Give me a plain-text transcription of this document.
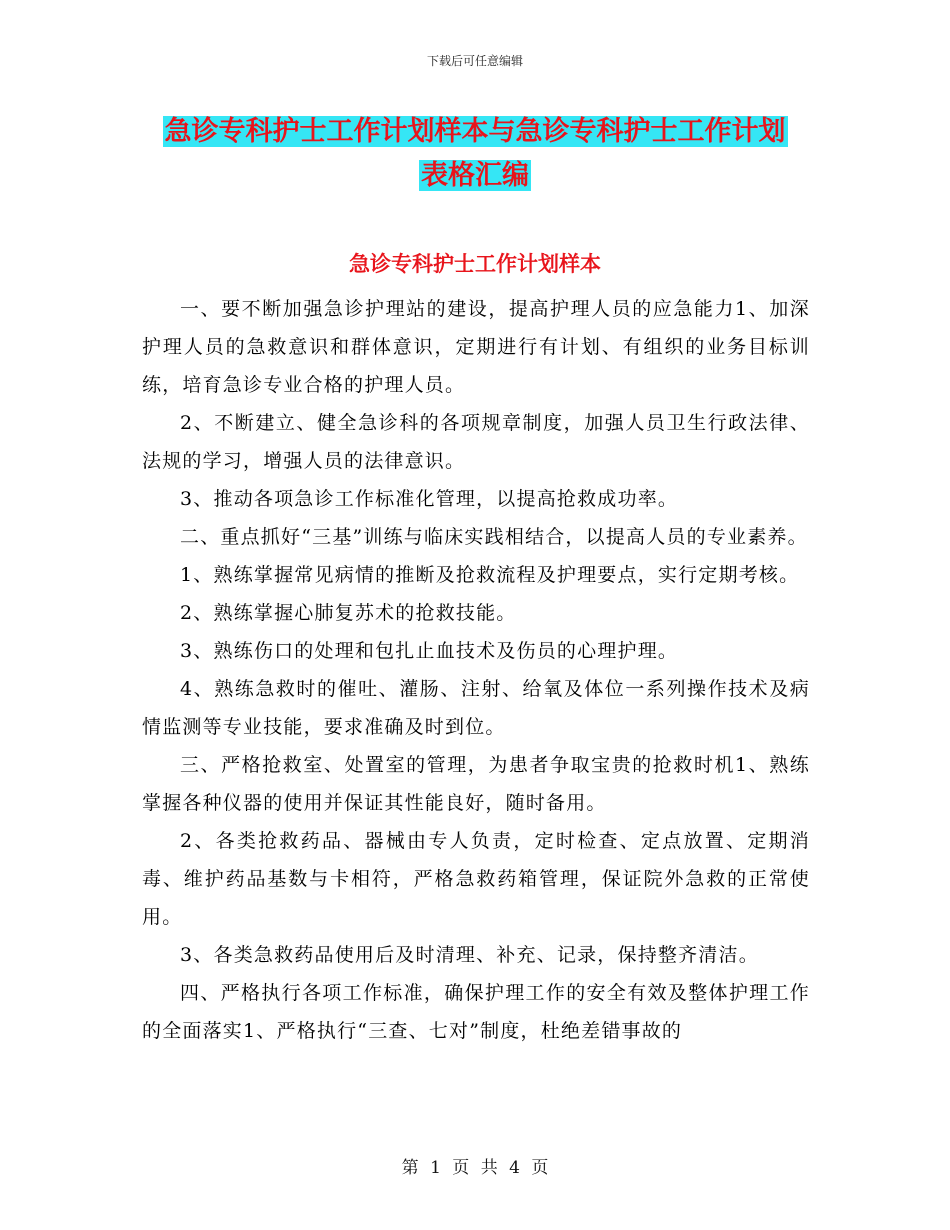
下载后可任意编辑
急诊专科护士工作计划样本与急诊专科护士工作计划
表格汇编
急诊专科护士工作计划样本

一、要不断加强急诊护理站的建设，提高护理人员的应急能力1、加深护理人员的急救意识和群体意识，定期进行有计划、有组织的业务目标训练，培育急诊专业合格的护理人员。

2、不断建立、健全急诊科的各项规章制度，加强人员卫生行政法律、法规的学习，增强人员的法律意识。

3、推动各项急诊工作标准化管理，以提高抢救成功率。

二、重点抓好“三基”训练与临床实践相结合，以提高人员的专业素养。

1、熟练掌握常见病情的推断及抢救流程及护理要点，实行定期考核。

2、熟练掌握心肺复苏术的抢救技能。

3、熟练伤口的处理和包扎止血技术及伤员的心理护理。

4、熟练急救时的催吐、灌肠、注射、给氧及体位一系列操作技术及病情监测等专业技能，要求准确及时到位。

三、严格抢救室、处置室的管理，为患者争取宝贵的抢救时机1、熟练掌握各种仪器的使用并保证其性能良好，随时备用。

2、各类抢救药品、器械由专人负责，定时检查、定点放置、定期消毒、维护药品基数与卡相符，严格急救药箱管理，保证院外急救的正常使用。

3、各类急救药品使用后及时清理、补充、记录，保持整齐清洁。

四、严格执行各项工作标准，确保护理工作的安全有效及整体护理工作的全面落实1、严格执行“三查、七对”制度，杜绝差错事故的

第 1 页 共 4 页
